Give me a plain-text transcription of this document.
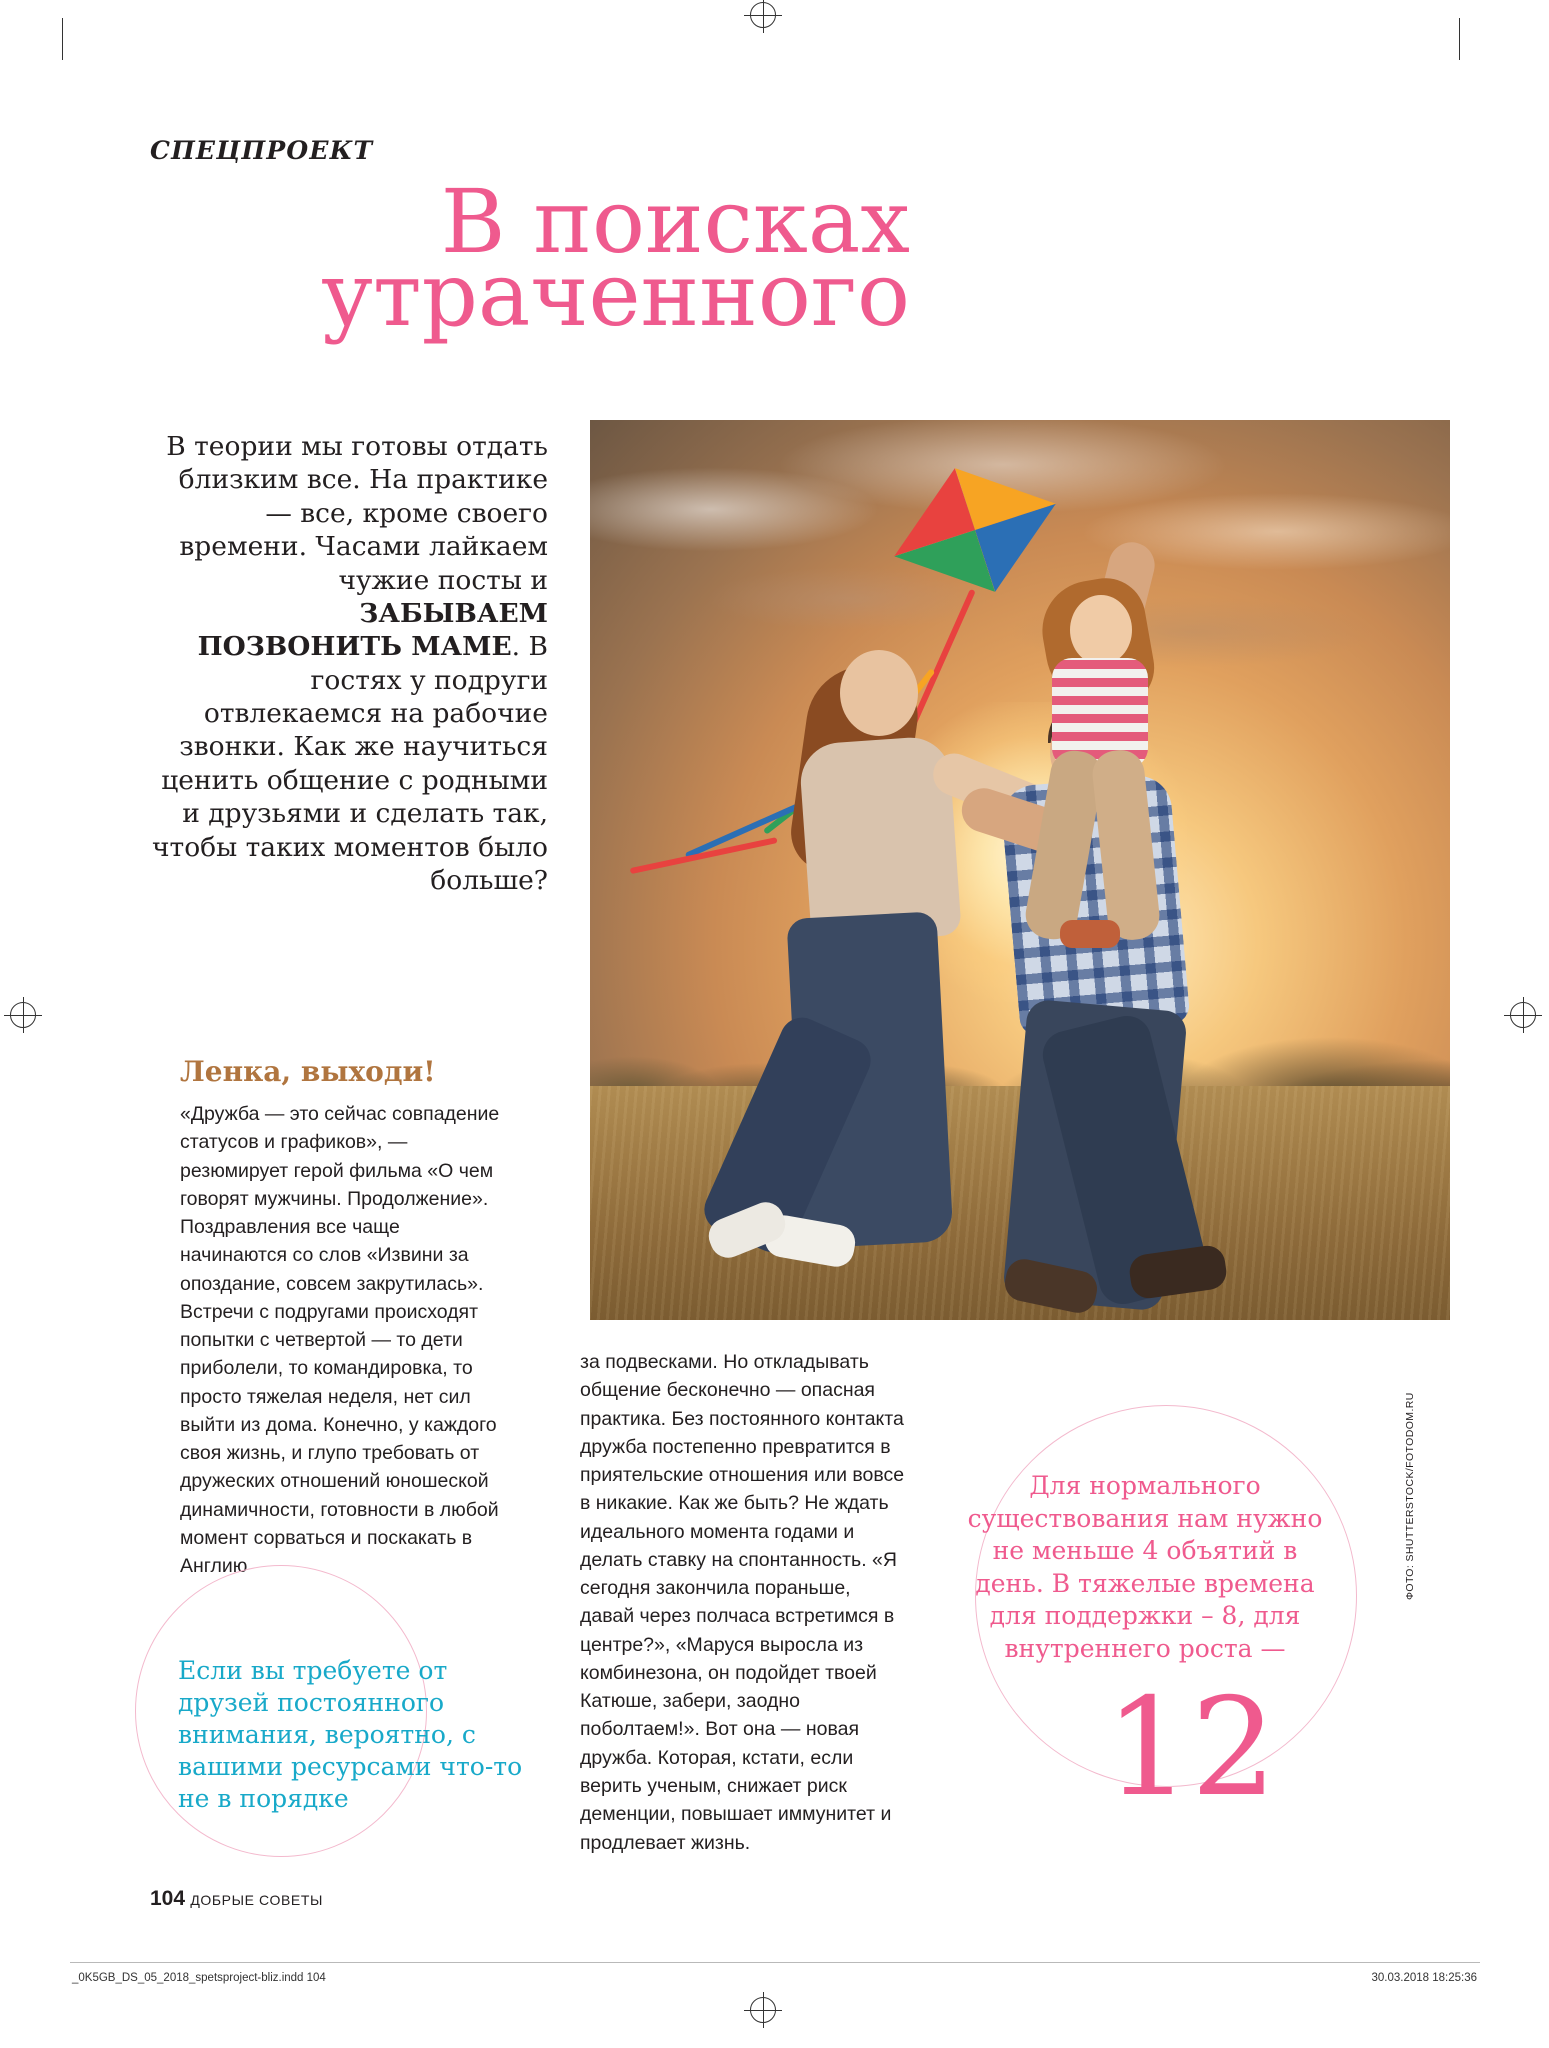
СПЕЦПРОЕКТ
В поисках
утраченного
В теории мы готовы отдать близким все. На практике — все, кроме своего времени. Часами лайкаем чужие посты и ЗАБЫВАЕМ ПОЗВОНИТЬ МАМЕ. В гостях у подруги отвлекаемся на рабочие звонки. Как же научиться ценить общение с родными и друзьями и сделать так, чтобы таких моментов было больше?
Ленка, выходи!
«Дружба — это сейчас совпадение статусов и графиков», — резюмирует герой фильма «О чем говорят мужчины. Продолжение». Поздравления все чаще начинаются со слов «Извини за опоздание, совсем закрутилась». Встречи с подругами происходят попытки с четвертой — то дети приболели, то командировка, то просто тяжелая неделя, нет сил выйти из дома. Конечно, у каждого своя жизнь, и глупо требовать от дружеских отношений юношеской динамичности, готовности в любой момент сорваться и поскакать в Англию
за подвесками. Но откладывать общение бесконечно — опасная практика. Без постоянного контакта дружба постепенно превратится в приятельские отношения или вовсе в никакие. Как же быть? Не ждать идеального момента годами и делать ставку на спонтанность. «Я сегодня закончила пораньше, давай через полчаса встретимся в центре?», «Маруся выросла из комбинезона, он подойдет твоей Катюше, забери, заодно поболтаем!». Вот она — новая дружба. Которая, кстати, если верить ученым, снижает риск деменции, повышает иммунитет и продлевает жизнь.
Если вы требуете от друзей постоянного внимания, вероятно, с вашими ресурсами что-то не в порядке
Для нормального существования нам нужно не меньше 4 объятий в день. В тяжелые времена для поддержки – 8, для внутреннего роста —
12
ФОТО: SHUTTERSTOCK/FOTODOM.RU
104 ДОБРЫЕ СОВЕТЫ
_0K5GB_DS_05_2018_spetsproject-bliz.indd 104	30.03.2018 18:25:36
